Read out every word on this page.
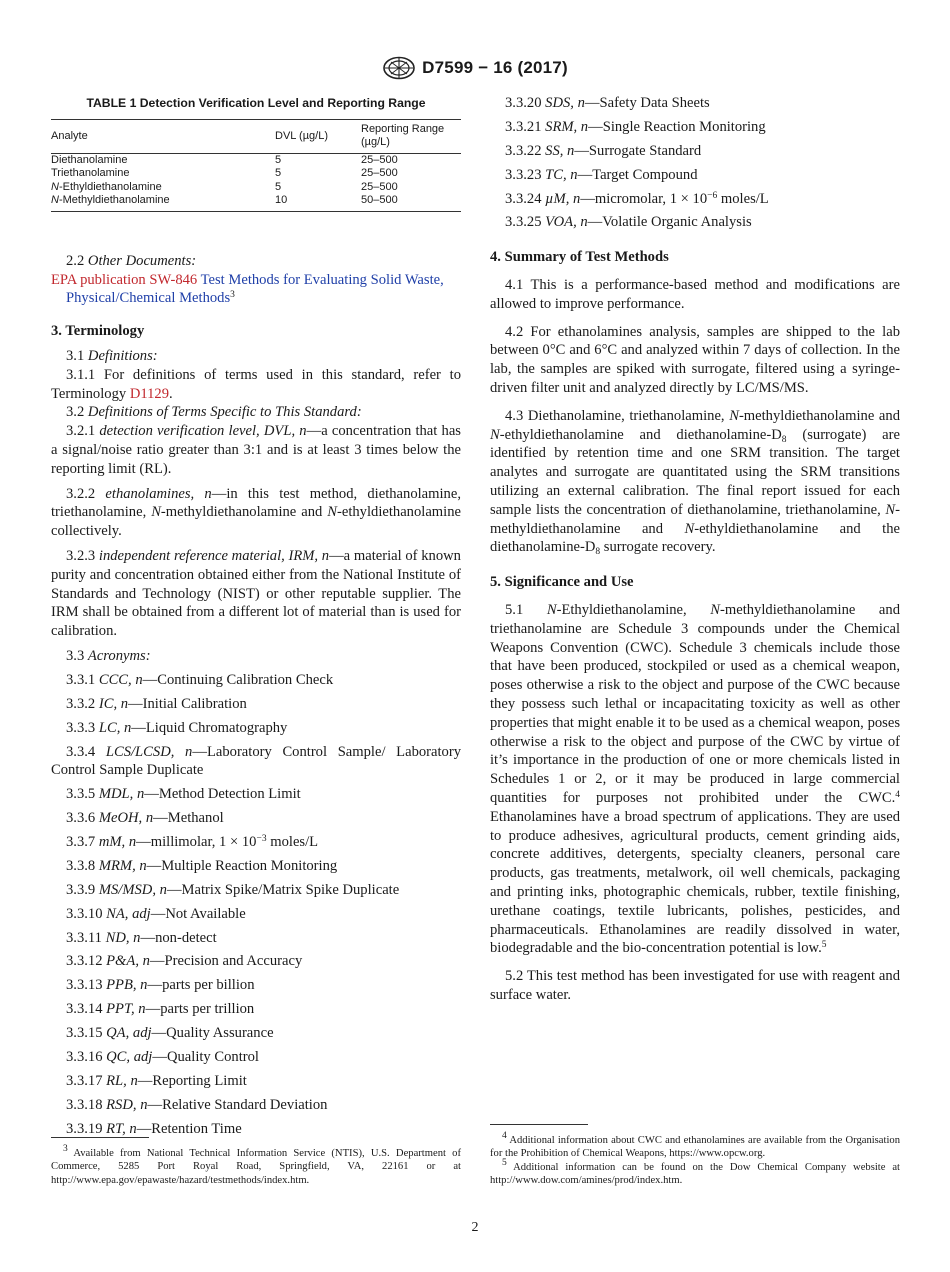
D7599 − 16 (2017)
TABLE 1 Detection Verification Level and Reporting Range
Analyte	DVL (µg/L)	Reporting Range (µg/L)
Diethanolamine	5	25–500
Triethanolamine	5	25–500
N-Ethyldiethanolamine	5	25–500
N-Methyldiethanolamine	10	50–500

2.2 Other Documents:

EPA publication SW-846 Test Methods for Evaluating Solid Waste, Physical/Chemical Methods$^3$

3. Terminology

3.1 Definitions:

3.1.1 For definitions of terms used in this standard, refer to Terminology D1129.

3.2 Definitions of Terms Specific to This Standard:

3.2.1 detection verification level, DVL, n—a concentration that has a signal/noise ratio greater than 3:1 and is at least 3 times below the reporting limit (RL).

3.2.2 ethanolamines, n—in this test method, diethanolamine, triethanolamine, N-methyldiethanolamine and N-ethyldiethanolamine collectively.

3.2.3 independent reference material, IRM, n—a material of known purity and concentration obtained either from the National Institute of Standards and Technology (NIST) or other reputable supplier. The IRM shall be obtained from a different lot of material than is used for calibration.

3.3 Acronyms:

3.3.1 CCC, n—Continuing Calibration Check

3.3.2 IC, n—Initial Calibration

3.3.3 LC, n—Liquid Chromatography

3.3.4 LCS/LCSD, n—Laboratory Control Sample/ Laboratory Control Sample Duplicate

3.3.5 MDL, n—Method Detection Limit

3.3.6 MeOH, n—Methanol

3.3.7 mM, n—millimolar, $1 \times 10^{-3}$ moles/L

3.3.8 MRM, n—Multiple Reaction Monitoring

3.3.9 MS/MSD, n—Matrix Spike/Matrix Spike Duplicate

3.3.10 NA, adj—Not Available

3.3.11 ND, n—non-detect

3.3.12 P&A, n—Precision and Accuracy

3.3.13 PPB, n—parts per billion

3.3.14 PPT, n—parts per trillion

3.3.15 QA, adj—Quality Assurance

3.3.16 QC, adj—Quality Control

3.3.17 RL, n—Reporting Limit

3.3.18 RSD, n—Relative Standard Deviation

3.3.19 RT, n—Retention Time

3.3.20 SDS, n—Safety Data Sheets

3.3.21 SRM, n—Single Reaction Monitoring

3.3.22 SS, n—Surrogate Standard

3.3.23 TC, n—Target Compound

3.3.24 µM, n—micromolar, $1 \times 10^{-6}$ moles/L

3.3.25 VOA, n—Volatile Organic Analysis

4. Summary of Test Methods

4.1 This is a performance-based method and modifications are allowed to improve performance.

4.2 For ethanolamines analysis, samples are shipped to the lab between 0°C and 6°C and analyzed within 7 days of collection. In the lab, the samples are spiked with surrogate, filtered using a syringe-driven filter unit and analyzed directly by LC/MS/MS.

4.3 Diethanolamine, triethanolamine, N-methyldiethanolamine and N-ethyldiethanolamine and diethanolamine-$D_8$ (surrogate) are identified by retention time and one SRM transition. The target analytes and surrogate are quantitated using the SRM transitions utilizing an external calibration. The final report issued for each sample lists the concentration of diethanolamine, triethanolamine, N-methyldiethanolamine and N-ethyldiethanolamine and the diethanolamine-$D_8$ surrogate recovery.

5. Significance and Use

5.1 N-Ethyldiethanolamine, N-methyldiethanolamine and triethanolamine are Schedule 3 compounds under the Chemical Weapons Convention (CWC). Schedule 3 chemicals include those that have been produced, stockpiled or used as a chemical weapon, poses otherwise a risk to the object and purpose of the CWC because they possess such lethal or incapacitating toxicity as well as other properties that might enable it to be used as a chemical weapon, poses otherwise a risk to the object and purpose of the CWC by virtue of it’s importance in the production of one or more chemicals listed in Schedules 1 or 2, or it may be produced in large commercial quantities for purposes not prohibited under the CWC.$^4$ Ethanolamines have a broad spectrum of applications. They are used to produce adhesives, agricultural products, cement grinding aids, concrete additives, detergents, specialty cleaners, personal care products, gas treatments, metalwork, oil well chemicals, packaging and printing inks, photographic chemicals, rubber, textile finishing, urethane coatings, textile lubricants, polishes, pesticides, and pharmaceuticals. Ethanolamines are readily dissolved in water, biodegradable and the bio-concentration potential is low.$^5$

5.2 This test method has been investigated for use with reagent and surface water.

$^3$ Available from National Technical Information Service (NTIS), U.S. Department of Commerce, 5285 Port Royal Road, Springfield, VA, 22161 or at http://www.epa.gov/epawaste/hazard/testmethods/index.htm.
$^4$ Additional information about CWC and ethanolamines are available from the Organisation for the Prohibition of Chemical Weapons, https://www.opcw.org.
$^5$ Additional information can be found on the Dow Chemical Company website at http://www.dow.com/amines/prod/index.htm.
2
